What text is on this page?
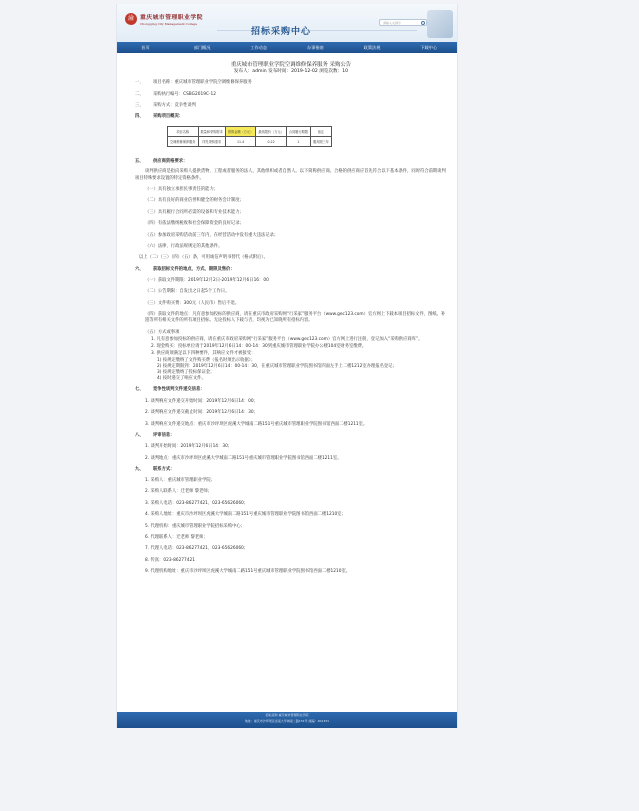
渝	重庆城市管理职业学院
Chongqing City Management College
招标采购中心
请输入关键字
首页	部门概况	工作动态	办事指南	政策法规	下载中心
重庆城市管理职业学院空调维修保养服务 采购公告
发布人：admin 发布时间：2019-12-02 浏览次数：10
一、	项目名称：重庆城市管理职业学院空调维修保养服务
二、	采购执行编号：CSBG2019C-12
三、	采购方式：竞争性谈判
四、	采购项目概况：
项目名称	数量和采购需求	预算金额（万元）	最高限价（万元）	合同履行期限	备注
空调维修保养服务	详见采购需求	11.4	0.22	1	服务期三年
五、	供应商资格要求：
谈判供应商是指向采购人提供货物、工程或者服务的法人、其他组织或者自然人。以下简称供应商。合格的供应商应首先符合以下基本条件，同时符合前期谈判项目特殊要求设置的特定资格条件。
（一）具有独立承担民事责任的能力；
（二）具有良好的商业信誉和健全的财务会计制度；
（三）具有履行合同所必需的设备和专业技术能力；
（四）有依法缴纳税收和社会保障资金的良好记录；
（五）参加政府采购活动前三年内，在经营活动中没有重大违法记录；
（六）法律、行政法规规定的其他条件。
以上（二）（三）（四）（五）条，可用诚信声明书替代（格式附后）。
六、	获取招标文件的地点、方式、期限及售价：
（一）获取文件期限：2019年12月2日-2019年12月6日16：00
（二）公告期限：自发出之日起5个工作日。
（三）文件购买费：300元（人民币）售后不退。
（四）获取文件的地点：凡有意参加投标的供应商，请在重庆市政府采购网“行采家”服务平台（www.gec123.com）官方网上下载本项目招标文件、图纸。补遗等所有相关文件的所有项目招标。无论投标人下载与否，均视为已知晓所有招标内容。
（五）方式或事项
1. 凡有意参加投标的供应商，请在重庆市政府采购网“行采家”服务平台（www.gec123.com）官方网上进行注册，登记加入“采购供应商库”。
2. 现金购买：投标单位请于2019年12月6日14：00-14：30到重庆城市管理职业学院办公楼104室财务室缴费。
3. 供应商须满足以下四种要件，其响应文件才被接受：
1) 按规定缴纳了文件购买费（报名时须出示收据）；
2) 按规定期限到：2019年12月6日14：00-14：30，在重庆城市管理职业学院图书馆四面左手上二楼1212室办理报名登记；
3) 按规定缴纳了投标保证金；
4) 按时递交了响应文件。
七、	竞争性谈判文件递交信息：
1. 谈判响应文件递交开始时间：2019年12月6日14：00；
2. 谈判响应文件递交截止时间：2019年12月6日14：30；
3. 谈判响应文件递交地点：重庆市沙坪坝区虎溪大学城南二路151号重庆城市管理职业学院图书馆西面二楼1211室。
八、	评审信息：
1. 谈判开始时间：2019年12月6日14：30；
2. 谈判地点：重庆市沙坪坝区虎溪大学城南二路151号重庆城市管理职业学院图书馆西面二楼1211室。
九、	联系方式：
1. 采购人：重庆城市管理职业学院；
2. 采购人联系人：迁老师 黎老师；
3. 采购人电话：023-86277421、023-65626060；
4. 采购人地址：重庆市沙坪坝区虎溪大学城南二路151号重庆城市管理职业学院图书馆西面二楼1210室；
5. 代理机构：重庆城市管理职业学院招标采购中心；
6. 代理联系人：迁老师 黎老师；
7. 代理人电话：023-86277421、023-65626060；
8. 传真：023-86277421
9. 代理机构地址：重庆市沙坪坝区虎溪大学城南二路151号重庆城市管理职业学院图书馆西面二楼1210室。
招标采购 重庆城市管理职业学院
地址：重庆市沙坪坝区虎溪大学城南二路151号 邮编：401331
